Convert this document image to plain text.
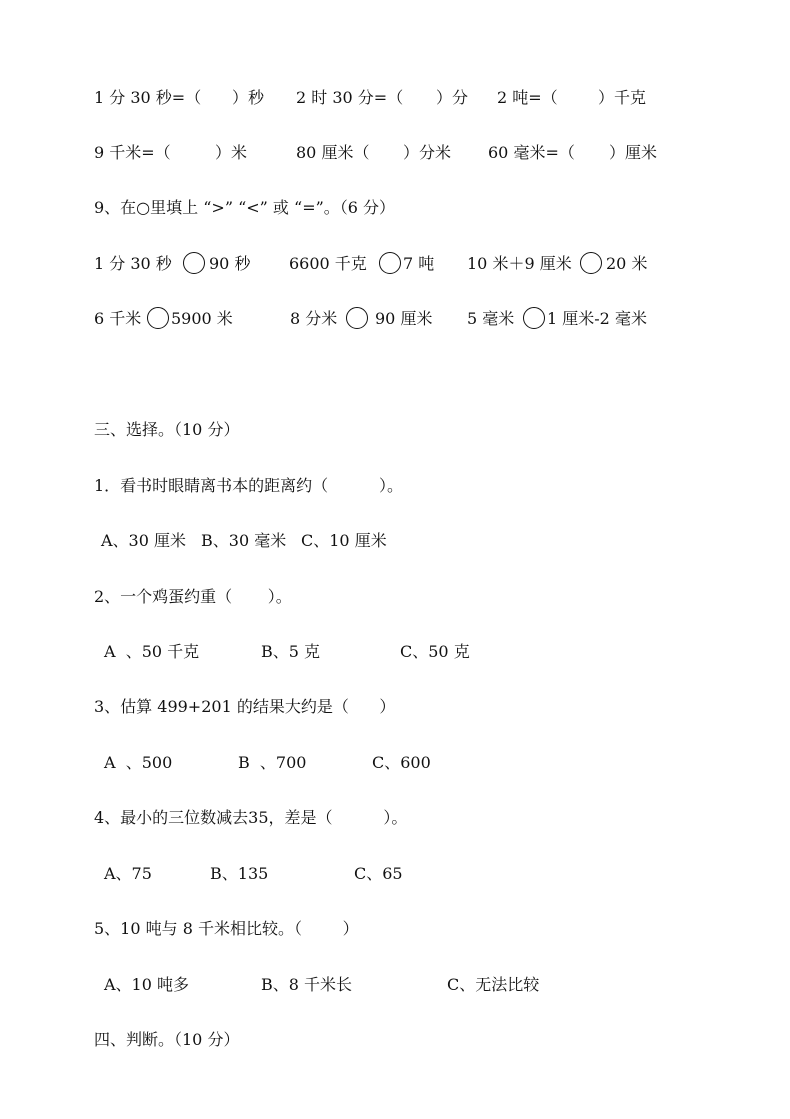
1 分 30 秒=（ ）秒 2 时 30 分=（ ）分 2 吨=（	）千克
9 千米=（	）米	80 厘米（ ）分米 60 毫米=（ ）厘米
9、在○里填上 “>” “<” 或 “=”。（6 分）
1 分 30 秒 90 秒 6600 千克 7 吨 10 米＋9 厘米 20 米
6 千米 5900 米	8 分米 90 厘米 5 毫米 1 厘米-2 毫米
三、选择。（10 分）
1．看书时眼睛离书本的距离约（          ）。
A、30 厘米 B、30 毫米 C、10 厘米
2、一个鸡蛋约重（       ）。
A  、50 千克	B、5 克	C、50 克
3、估算 499+201 的结果大约是（      ）
A  、500	B  、700	C、600
4、最小的三位数减去35，差是（          ）。
A、75	B、135	C、65
5、10 吨与 8 千米相比较。（        ）
A、10 吨多	B、8 千米长	C、无法比较
四、判断。（10 分）
